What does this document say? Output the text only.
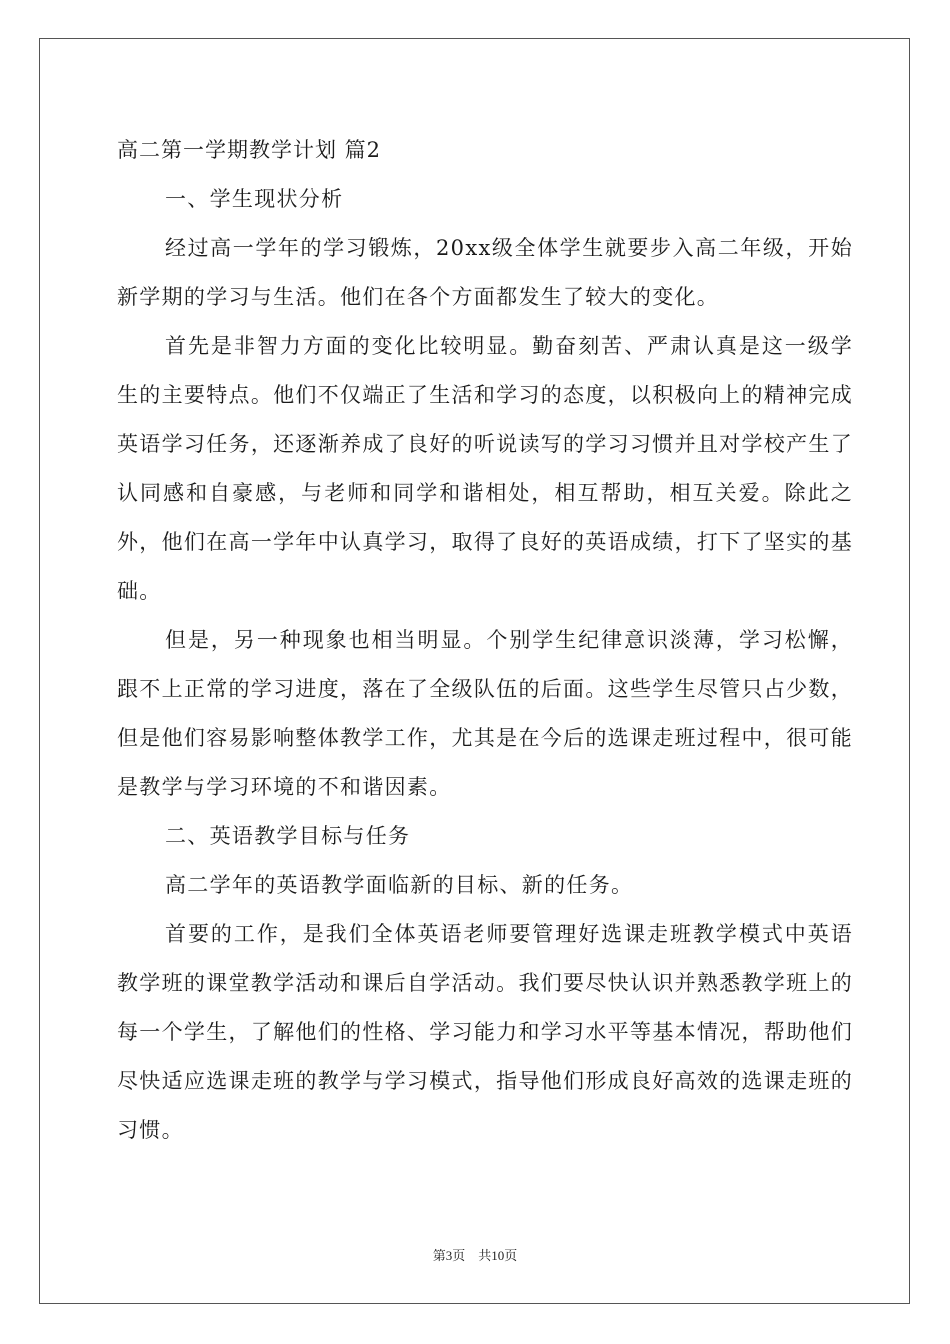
高二第一学期教学计划 篇2

一、学生现状分析

经过高一学年的学习锻炼，20xx级全体学生就要步入高二年级，开始新学期的学习与生活。他们在各个方面都发生了较大的变化。

首先是非智力方面的变化比较明显。勤奋刻苦、严肃认真是这一级学生的主要特点。他们不仅端正了生活和学习的态度，以积极向上的精神完成英语学习任务，还逐渐养成了良好的听说读写的学习习惯并且对学校产生了认同感和自豪感，与老师和同学和谐相处，相互帮助，相互关爱。除此之外，他们在高一学年中认真学习，取得了良好的英语成绩，打下了坚实的基础。

但是，另一种现象也相当明显。个别学生纪律意识淡薄，学习松懈，跟不上正常的学习进度，落在了全级队伍的后面。这些学生尽管只占少数，但是他们容易影响整体教学工作，尤其是在今后的选课走班过程中，很可能是教学与学习环境的不和谐因素。

二、英语教学目标与任务

高二学年的英语教学面临新的目标、新的任务。

首要的工作，是我们全体英语老师要管理好选课走班教学模式中英语教学班的课堂教学活动和课后自学活动。我们要尽快认识并熟悉教学班上的每一个学生，了解他们的性格、学习能力和学习水平等基本情况，帮助他们尽快适应选课走班的教学与学习模式，指导他们形成良好高效的选课走班的习惯。

第3页　共10页
